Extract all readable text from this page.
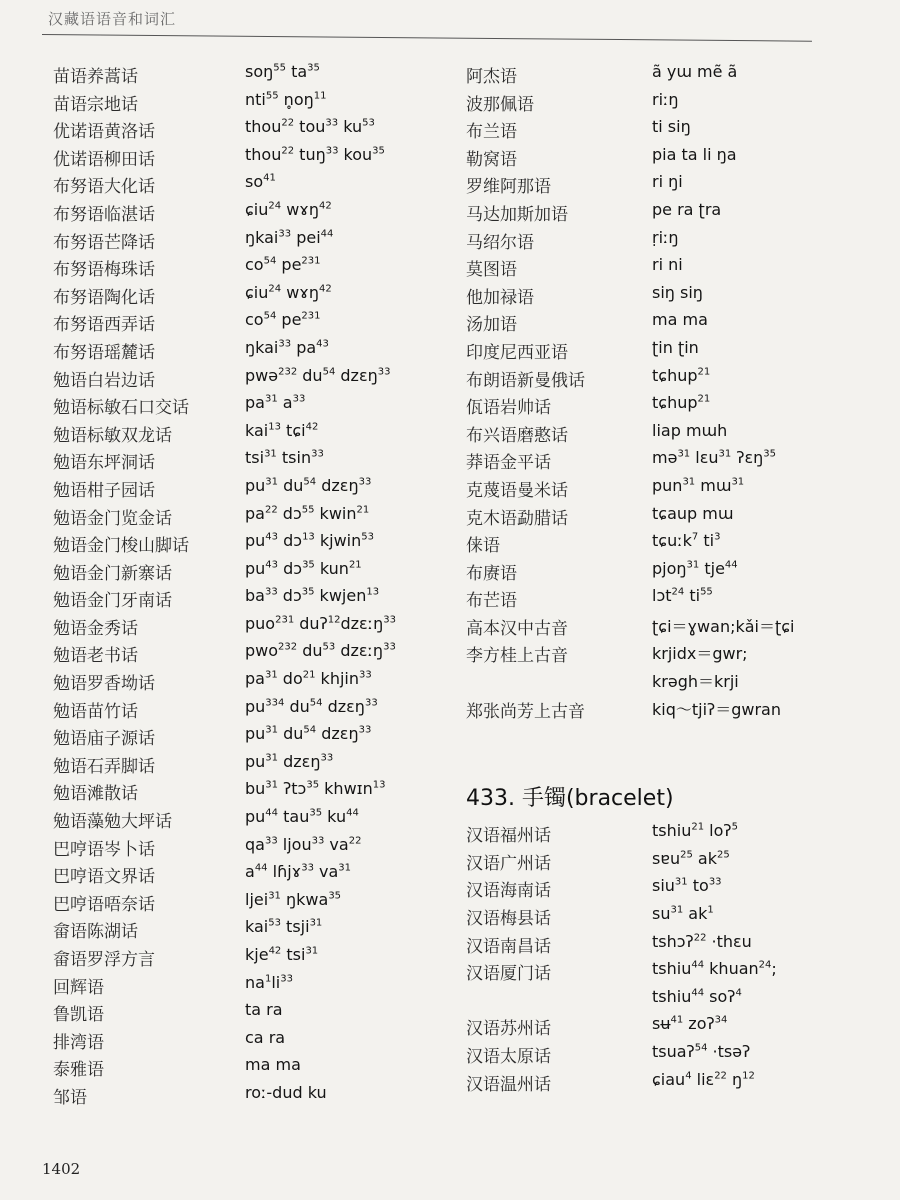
汉藏语语音和词汇
苗语养蒿话	soŋ$^{55}$ $ta^{35}$
苗语宗地话	nti$^{55}$ $n̥oŋ^{11}$
优诺语黄洛话	thou$^{22}$ tou$^{33}$ $ku^{53}$
优诺语柳田话	thou$^{22}$ tuŋ$^{33}$ kou$^{35}$
布努语大化话	$so^{41}$
布努语临湛话	ɕiu$^{24}$ wɤŋ$^{42}$
布努语芒降话	ŋkai$^{33}$ pei$^{44}$
布努语梅珠话	$co^{54}$ $pe^{231}$
布努语陶化话	ɕiu$^{24}$ wɤŋ$^{42}$
布努语西弄话	$co^{54}$ $pe^{231}$
布努语瑶麓话	ŋkai$^{33}$ $pa^{43}$
勉语白岩边话	pwə$^{232}$ $du^{54}$ dzɛŋ$^{33}$
勉语标敏石口交话	$pa^{31}$ $a^{33}$
勉语标敏双龙话	kai$^{13}$ tɕi$^{42}$
勉语东坪洞话	tsi$^{31}$ tsin$^{33}$
勉语柑子园话	$pu^{31}$ $du^{54}$ dzɛŋ$^{33}$
勉语金门览金话	$pa^{22}$ dɔ$^{55}$ kwin$^{21}$
勉语金门梭山脚话	$pu^{43}$ dɔ$^{13}$ kjwin$^{53}$
勉语金门新寨话	$pu^{43}$ dɔ$^{35}$ kun$^{21}$
勉语金门牙南话	$ba^{33}$ dɔ$^{35}$ kwjen$^{13}$
勉语金秀话	puo$^{231}$ duʔ$^{12}$dzɛːŋ$^{33}$
勉语老书话	pwo$^{232}$ $du^{53}$ dzɛːŋ$^{33}$
勉语罗香坳话	$pa^{31}$ $do^{21}$ khjin$^{33}$
勉语苗竹话	$pu^{334}$ $du^{54}$ dzɛŋ$^{33}$
勉语庙子源话	$pu^{31}$ $du^{54}$ dzɛŋ$^{33}$
勉语石弄脚话	$pu^{31}$ dzɛŋ$^{33}$
勉语滩散话	$bu^{31}$ ʔtɔ$^{35}$ khwɪn$^{13}$
勉语藻勉大坪话	$pu^{44}$ tau$^{35}$ $ku^{44}$
巴哼语岑卜话	$qa^{33}$ ljou$^{33}$ $va^{22}$
巴哼语文界话	$a^{44}$ lɦjɤ$^{33}$ $va^{31}$
巴哼语唔奈话	ljei$^{31}$ ŋkwa$^{35}$
畲语陈湖话	kai$^{53}$ tsji$^{31}$
畲语罗浮方言	kje$^{42}$ tsi$^{31}$
回辉语	$na^1li^{33}$
鲁凯语	ta ra
排湾语	ca ra
泰雅语	ma ma
邹语	roː-dud ku
阿杰语	ã yɯ mẽ ã
波那佩语	riːŋ
布兰语	ti siŋ
勒窝语	pia ta li ŋa
罗维阿那语	ri ŋi
马达加斯加语	pe ra ʈra
马绍尔语	ṛiːŋ
莫图语	ri ni
他加禄语	siŋ siŋ
汤加语	ma ma
印度尼西亚语	ʈin ʈin
布朗语新曼俄话	tɕhup$^{21}$
佤语岩帅话	tɕhup$^{21}$
布兴语磨憨话	liap mɯh
莽语金平话	mə$^{31}$ lɛu$^{31}$ ʔɛŋ$^{35}$
克蔑语曼米话	pun$^{31}$ mɯ$^{31}$
克木语勐腊话	tɕaup mɯ
俫语	tɕuːk$^7$ $ti^3$
布赓语	pjoŋ$^{31}$ tje$^{44}$
布芒语	lɔt$^{24}$ $ti^{55}$
高本汉中古音	ʈɕi＝ɣwan;kǎi＝ʈɕi
李方桂上古音	krjidx＝gwr;
krəgh＝krji
郑张尚芳上古音	kiq～tjiʔ＝gwran
433. 手镯(bracelet)
汉语福州话	tshiu$^{21}$ loʔ$^5$
汉语广州话	sɐu$^{25}$ $ak^{25}$
汉语海南话	siu$^{31}$ $to^{33}$
汉语梅县话	$su^{31}$ $ak^1$
汉语南昌话	tshɔʔ$^{22}$ ·thɛu
汉语厦门话	tshiu$^{44}$ khuan$^{24}$;
tshiu$^{44}$ soʔ$^4$
汉语苏州话	sʉ$^{41}$ zoʔ$^{34}$
汉语太原话	tsuaʔ$^{54}$ ·tsəʔ
汉语温州话	ɕiau$^4$ liɛ$^{22}$ $ŋ^{12}$
1402
